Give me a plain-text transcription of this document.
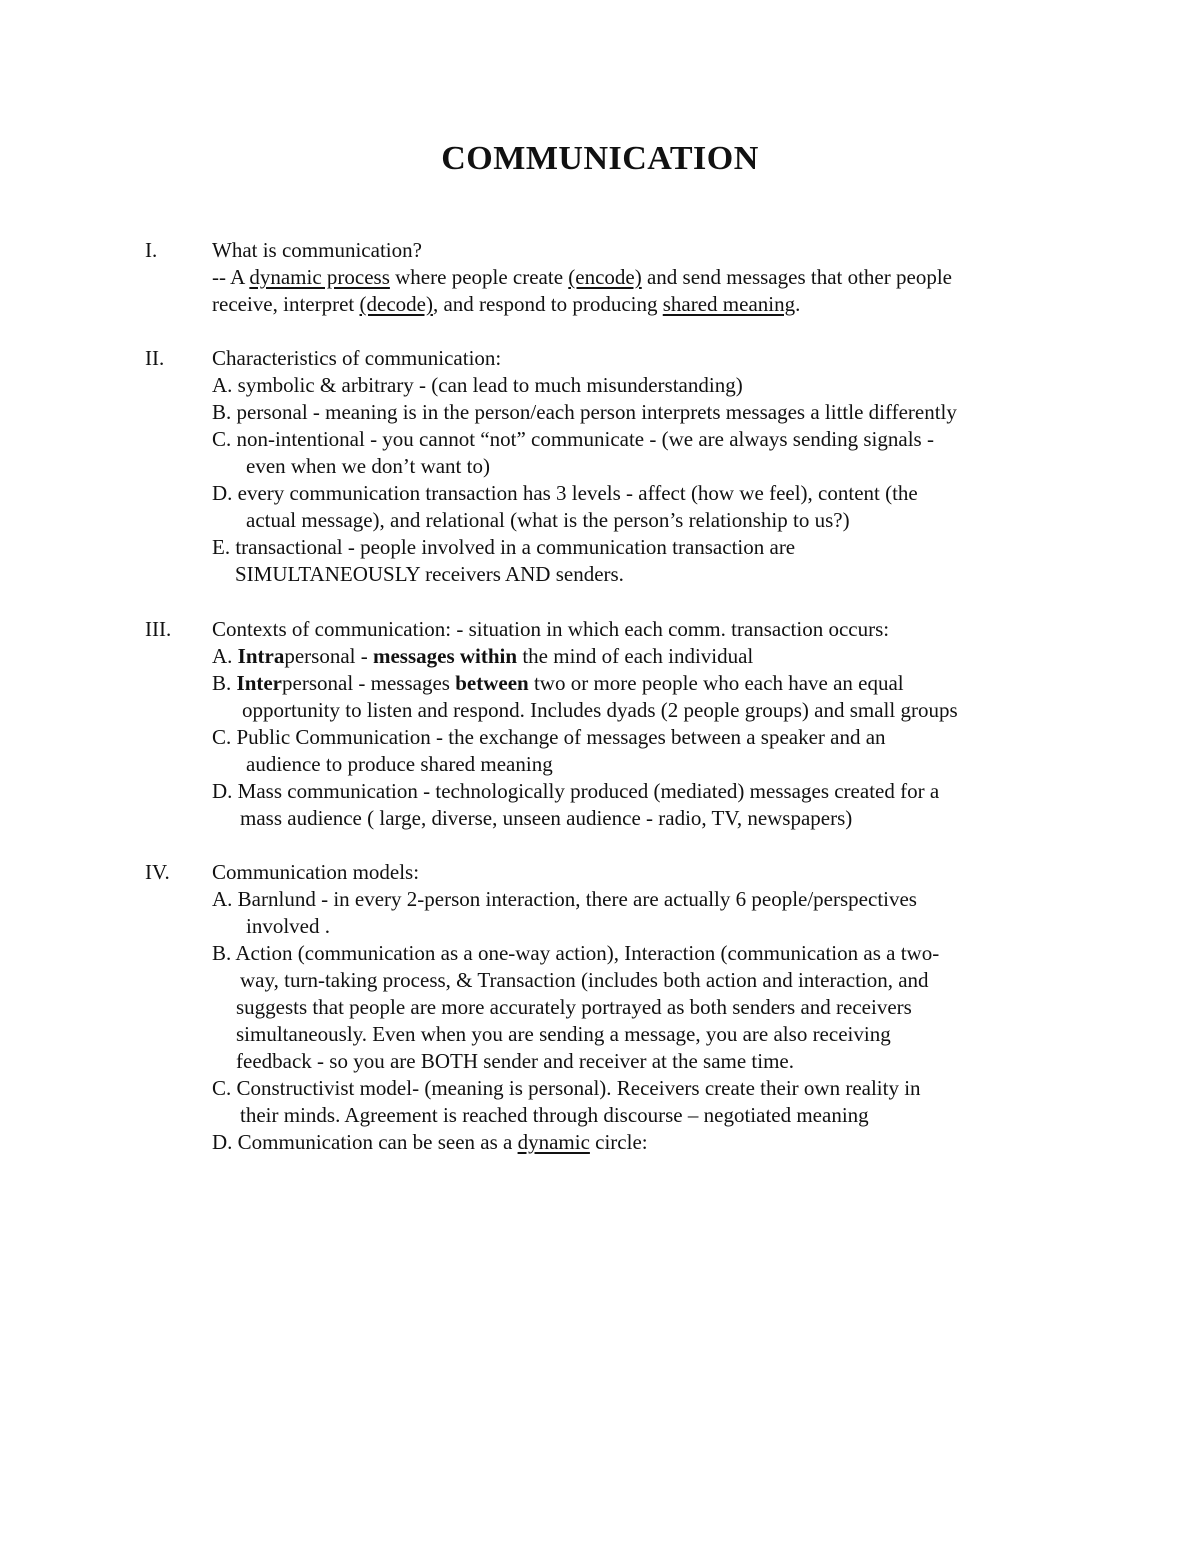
COMMUNICATION
I.	What is communication?
-- A dynamic process where people create (encode) and send messages that other people
receive, interpret (decode), and respond to producing shared meaning.
II. Characteristics of communication:
A. symbolic & arbitrary - (can lead to much misunderstanding)
B. personal - meaning is in the person/each person interprets messages a little differently
C. non-intentional - you cannot “not” communicate - (we are always sending signals -
even when we don’t want to)
D. every communication transaction has 3 levels - affect (how we feel), content (the
actual message), and relational (what is the person’s relationship to us?)
E. transactional - people involved in a communication transaction are
SIMULTANEOUSLY receivers AND senders.
III. Contexts of communication: - situation in which each comm. transaction occurs:
A. Intrapersonal - messages within the mind of each individual
B. Interpersonal - messages between two or more people who each have an equal
opportunity to listen and respond. Includes dyads (2 people groups) and small groups
C. Public Communication - the exchange of messages between a speaker and an
audience to produce shared meaning
D. Mass communication - technologically produced (mediated) messages created for a
mass audience ( large, diverse, unseen audience - radio, TV, newspapers)
IV. Communication models:
A. Barnlund - in every 2-person interaction, there are actually 6 people/perspectives
involved .
B. Action (communication as a one-way action), Interaction (communication as a two-
way, turn-taking process, & Transaction (includes both action and interaction, and
suggests that people are more accurately portrayed as both senders and receivers
simultaneously. Even when you are sending a message, you are also receiving
feedback - so you are BOTH sender and receiver at the same time.
C. Constructivist model- (meaning is personal). Receivers create their own reality in
their minds. Agreement is reached through discourse – negotiated meaning
D. Communication can be seen as a dynamic circle:
